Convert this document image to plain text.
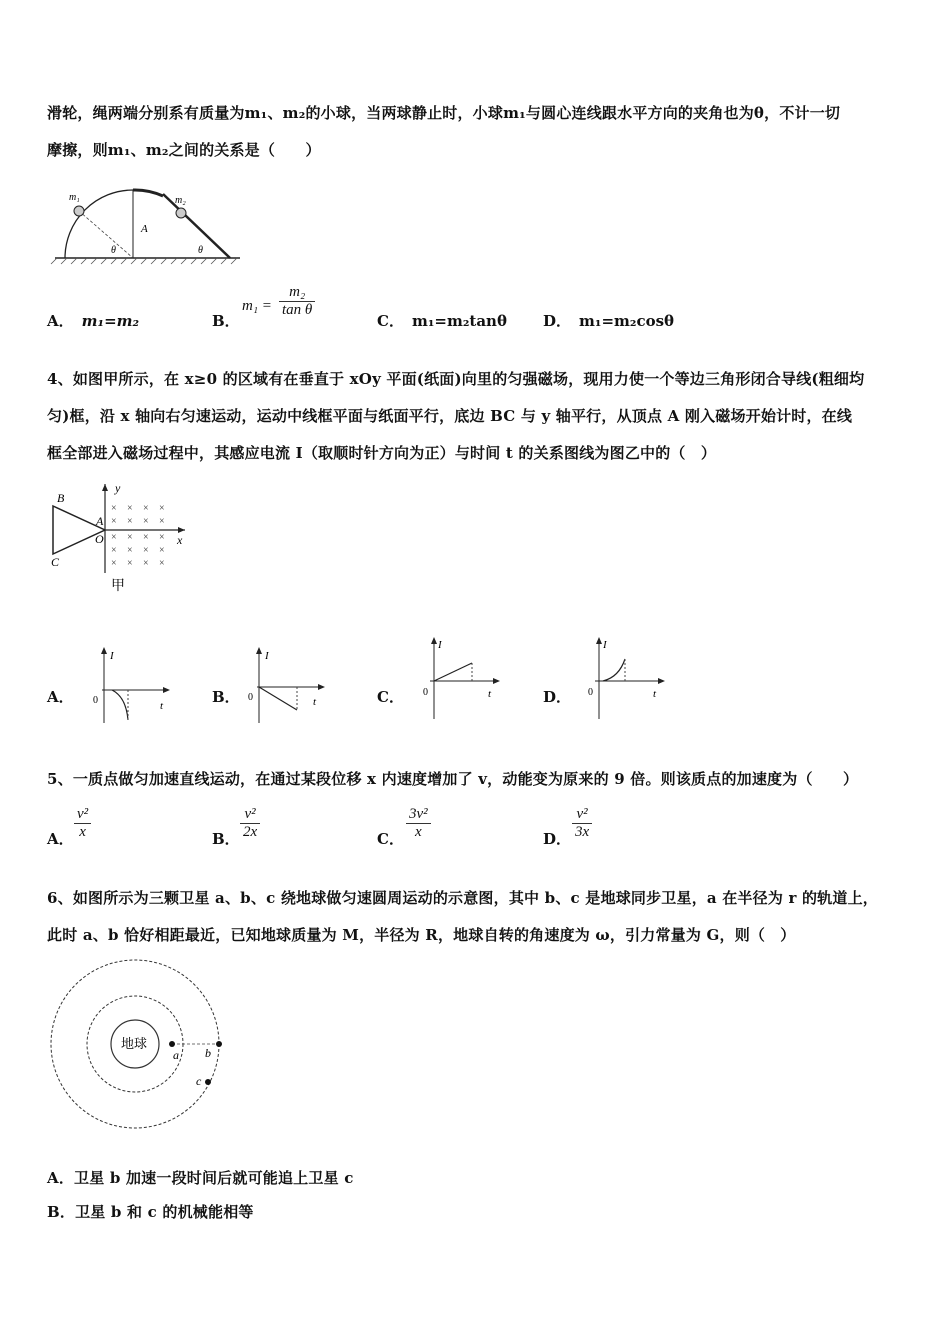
滑轮，绳两端分别系有质量为m₁、m₂的小球，当两球静止时，小球m₁与圆心连线跟水平方向的夹角也为θ，不计一切
摩擦，则m₁、m₂之间的关系是（　　）
m₁	m₂
A
θ	θ
A． m₁=m₂	B．
$m_1 = \frac{\text{m₂}}{\text{tan θ}}$
C． m₁=m₂tanθ D． m₁=m₂cosθ
4、如图甲所示，在 x≥0 的区域有在垂直于 xOy 平面(纸面)向里的匀强磁场，现用力使一个等边三角形闭合导线(粗细均
匀)框，沿 x 轴向右匀速运动，运动中线框平面与纸面平行，底边 BC 与 y 轴平行，从顶点 A 刚入磁场开始计时，在线
框全部进入磁场过程中，其感应电流 I（取顺时针方向为正）与时间 t 的关系图线为图乙中的（　）
× × × ×
× × × ×
× × × ×
× × × ×
× × × ×
B
A
O
C
x
y
甲
A．
I
t
0	B．
I
t
0	C．
I
t
0	D．
I
t
0
5、一质点做匀加速直线运动，在通过某段位移 x 内速度增加了 v，动能变为原来的 9 倍。则该质点的加速度为（　　）
A． $\frac{\text{v²}}{x}$	B． $\frac{\text{v²}}{2x}$	C． $\frac{\text{3v²}}{x}$	D． $\frac{\text{v²}}{3x}$
6、如图所示为三颗卫星 a、b、c 绕地球做匀速圆周运动的示意图，其中 b、c 是地球同步卫星，a 在半径为 r 的轨道上，
此时 a、b 恰好相距最近，已知地球质量为 M，半径为 R，地球自转的角速度为 ω，引力常量为 G，则（　）
地球
a b
c
A．卫星 b 加速一段时间后就可能追上卫星 c
B．卫星 b 和 c 的机械能相等
